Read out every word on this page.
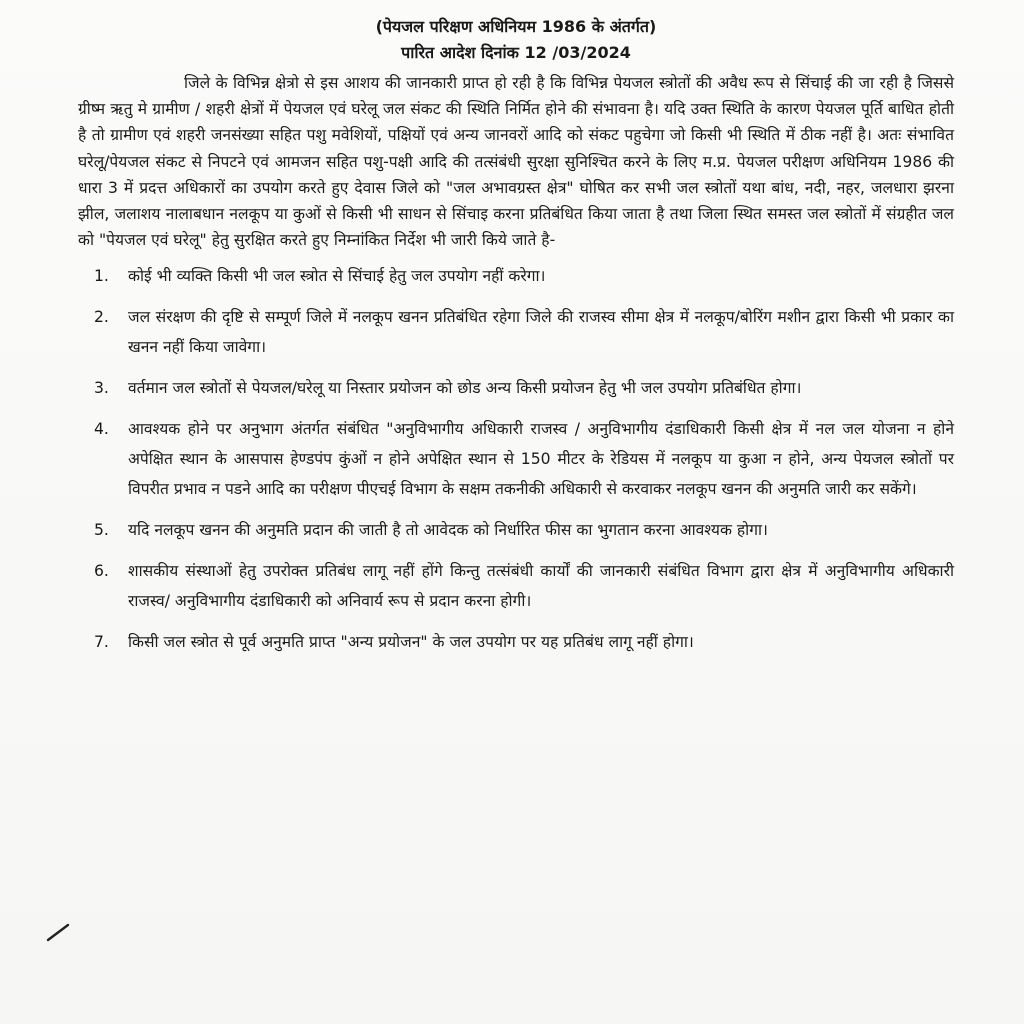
(पेयजल परिक्षण अधिनियम 1986 के अंतर्गत)

पारित आदेश दिनांक 12 /03/2024

जिले के विभिन्न क्षेत्रो से इस आशय की जानकारी प्राप्त हो रही है कि विभिन्न पेयजल स्त्रोतों की अवैध रूप से सिंचाई की जा रही है जिससे ग्रीष्म ऋतु मे ग्रामीण / शहरी क्षेत्रों में पेयजल एवं घरेलू जल संकट की स्थिति निर्मित होने की संभावना है। यदि उक्त स्थिति के कारण पेयजल पूर्ति बाधित होती है तो ग्रामीण एवं शहरी जनसंख्या सहित पशु मवेशियों, पक्षियों एवं अन्य जानवरों आदि को संकट पहुचेगा जो किसी भी स्थिति में ठीक नहीं है। अतः संभावित घरेलू/पेयजल संकट से निपटने एवं आमजन सहित पशु-पक्षी आदि की तत्संबंधी सुरक्षा सुनिश्चित करने के लिए म.प्र. पेयजल परीक्षण अधिनियम 1986 की धारा 3 में प्रदत्त अधिकारों का उपयोग करते हुए देवास जिले को "जल अभावग्रस्त क्षेत्र" घोषित कर सभी जल स्त्रोतों यथा बांध, नदी, नहर, जलधारा झरना झील, जलाशय नालाबधान नलकूप या कुओं से किसी भी साधन से सिंचाइ करना प्रतिबंधित किया जाता है तथा जिला स्थित समस्त जल स्त्रोतों में संग्रहीत जल को "पेयजल एवं घरेलू" हेतु सुरक्षित करते हुए निम्नांकित निर्देश भी जारी किये जाते है-

1.	कोई भी व्यक्ति किसी भी जल स्त्रोत से सिंचाई हेतु जल उपयोग नहीं करेगा।
2.	जल संरक्षण की दृष्टि से सम्पूर्ण जिले में नलकूप खनन प्रतिबंधित रहेगा जिले की राजस्व सीमा क्षेत्र में नलकूप/बोरिंग मशीन द्वारा किसी भी प्रकार का खनन नहीं किया जावेगा।
3.	वर्तमान जल स्त्रोतों से पेयजल/घरेलू या निस्तार प्रयोजन को छोड अन्य किसी प्रयोजन हेतु भी जल उपयोग प्रतिबंधित होगा।
4.	आवश्यक होने पर अनुभाग अंतर्गत संबंधित "अनुविभागीय अधिकारी राजस्व / अनुविभागीय दंडाधिकारी किसी क्षेत्र में नल जल योजना न होने अपेक्षित स्थान के आसपास हेण्डपंप कुंओं न होने अपेक्षित स्थान से 150 मीटर के रेडियस में नलकूप या कुआ न होने, अन्य पेयजल स्त्रोतों पर विपरीत प्रभाव न पडने आदि का परीक्षण पीएचई विभाग के सक्षम तकनीकी अधिकारी से करवाकर नलकूप खनन की अनुमति जारी कर सकेंगे।
5.	यदि नलकूप खनन की अनुमति प्रदान की जाती है तो आवेदक को निर्धारित फीस का भुगतान करना आवश्यक होगा।
6.	शासकीय संस्थाओं हेतु उपरोक्त प्रतिबंध लागू नहीं होंगे किन्तु तत्संबंधी कार्यों की जानकारी संबंधित विभाग द्वारा क्षेत्र में अनुविभागीय अधिकारी राजस्व/ अनुविभागीय दंडाधिकारी को अनिवार्य रूप से प्रदान करना होगी।
7.	किसी जल स्त्रोत से पूर्व अनुमति प्राप्त "अन्य प्रयोजन" के जल उपयोग पर यह प्रतिबंध लागू नहीं होगा।
